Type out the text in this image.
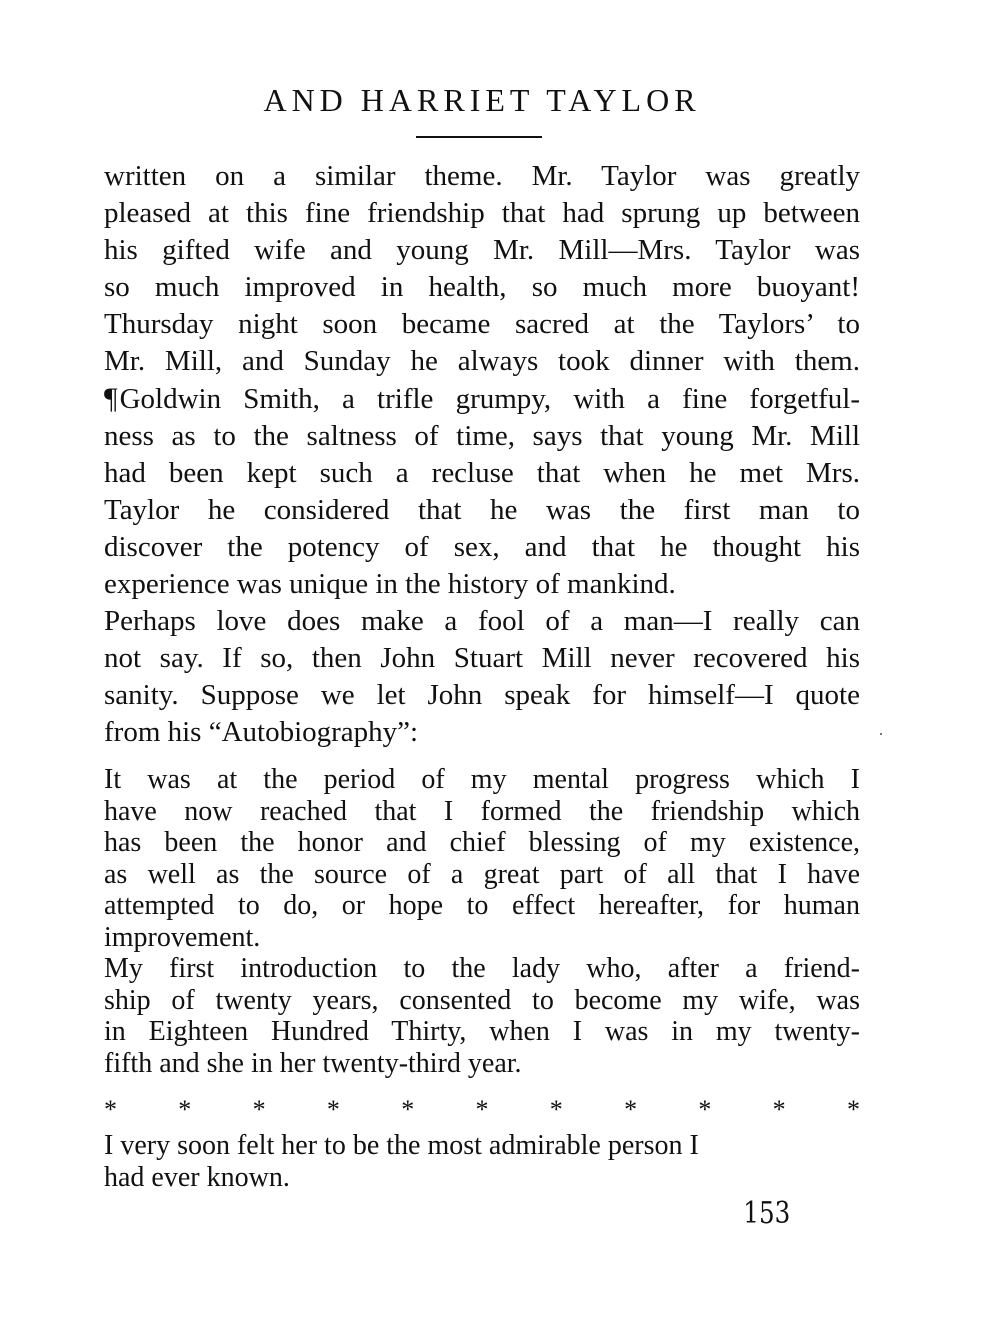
AND HARRIET TAYLOR

written on a similar theme. Mr. Taylor was greatly

pleased at this fine friendship that had sprung up between

his gifted wife and young Mr. Mill—Mrs. Taylor was

so much improved in health, so much more buoyant!

Thursday night soon became sacred at the Taylors’ to

Mr. Mill, and Sunday he always took dinner with them.

¶Goldwin Smith, a trifle grumpy, with a fine forgetful-

ness as to the saltness of time, says that young Mr. Mill

had been kept such a recluse that when he met Mrs.

Taylor he considered that he was the first man to

discover the potency of sex, and that he thought his

experience was unique in the history of mankind.

Perhaps love does make a fool of a man—I really can

not say. If so, then John Stuart Mill never recovered his

sanity. Suppose we let John speak for himself—I quote

from his “Autobiography”:

It was at the period of my mental progress which I

have now reached that I formed the friendship which

has been the honor and chief blessing of my existence,

as well as the source of a great part of all that I have

attempted to do, or hope to effect hereafter, for human

improvement.

My first introduction to the lady who, after a friend-

ship of twenty years, consented to become my wife, was

in Eighteen Hundred Thirty, when I was in my twenty-

fifth and she in her twenty-third year.

* * * * * * * * * * *

I very soon felt her to be the most admirable person I

had ever known.

153
